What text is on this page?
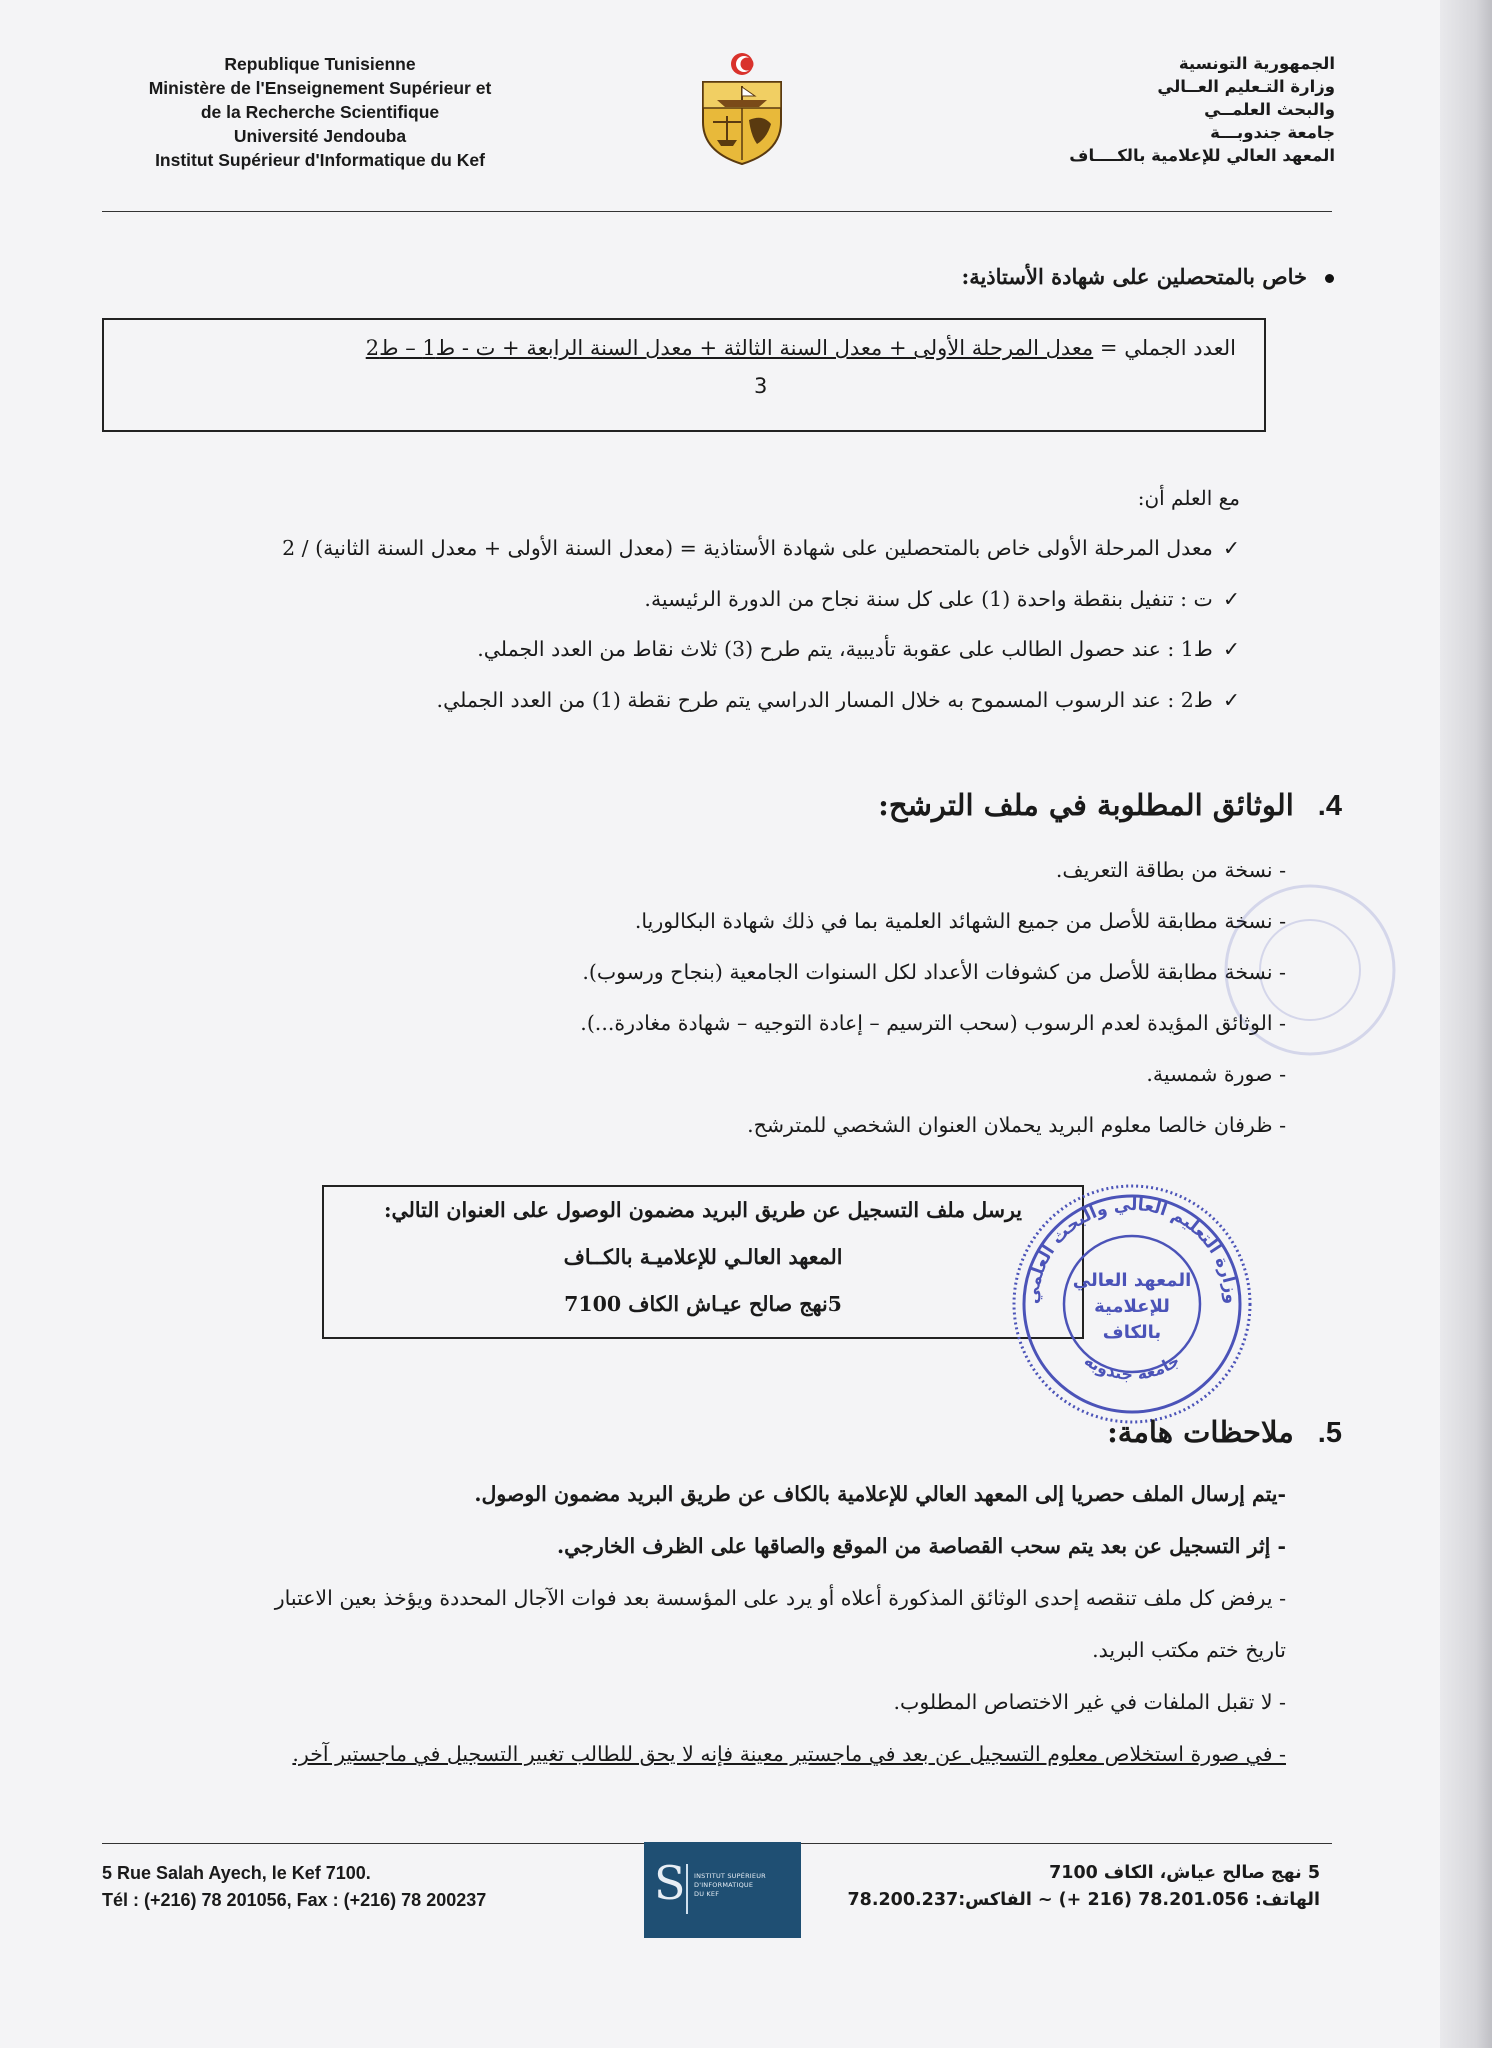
Republique Tunisienne
Ministère de l'Enseignement Supérieur et
de la Recherche Scientifique
Université Jendouba
Institut Supérieur d'Informatique du Kef
الجمهورية التونسية
وزارة التـعليم العــالي
والبحث العلمــي
جامعة جندوبـــة
المعهد العالي للإعلامية بالكــــاف
خاص بالمتحصلين على شهادة الأستاذية:
العدد الجملي = معدل المرحلة الأولى + معدل السنة الثالثة + معدل السنة الرابعة + ت - ط1 – ط2
3
مع العلم أن:
✓معدل المرحلة الأولى خاص بالمتحصلين على شهادة الأستاذية = (معدل السنة الأولى + معدل السنة الثانية) / 2
✓ت : تنفيل بنقطة واحدة (1) على كل سنة نجاح من الدورة الرئيسية.
✓ط1 : عند حصول الطالب على عقوبة تأديبية، يتم طرح (3) ثلاث نقاط من العدد الجملي.
✓ط2 : عند الرسوب المسموح به خلال المسار الدراسي يتم طرح نقطة (1) من العدد الجملي.
4.الوثائق المطلوبة في ملف الترشح:
- نسخة من بطاقة التعريف.
- نسخة مطابقة للأصل من جميع الشهائد العلمية بما في ذلك شهادة البكالوريا.
- نسخة مطابقة للأصل من كشوفات الأعداد لكل السنوات الجامعية (بنجاح ورسوب).
- الوثائق المؤيدة لعدم الرسوب (سحب الترسيم – إعادة التوجيه – شهادة مغادرة...).
- صورة شمسية.
- ظرفان خالصا معلوم البريد يحملان العنوان الشخصي للمترشح.
يرسل ملف التسجيل عن طريق البريد مضمون الوصول على العنوان التالي:
المعهد العالـي للإعلاميـة بالكــاف
5نهج صالح عيـاش الكاف 7100	وزارة التعليم العالي والبحث العلمي
جامعة جندوبة
المعهد العالي
للإعلامية
بالكاف
5.ملاحظات هامة:
-يتم إرسال الملف حصريا إلى المعهد العالي للإعلامية بالكاف عن طريق البريد مضمون الوصول.
- إثر التسجيل عن بعد يتم سحب القصاصة من الموقع والصاقها على الظرف الخارجي.
- يرفض كل ملف تنقصه إحدى الوثائق المذكورة أعلاه أو يرد على المؤسسة بعد فوات الآجال المحددة ويؤخذ بعين الاعتبار
تاريخ ختم مكتب البريد.
- لا تقبل الملفات في غير الاختصاص المطلوب.
- في صورة استخلاص معلوم التسجيل عن بعد في ماجستير معينة فإنه لا يحق للطالب تغيير التسجيل في ماجستير آخر.
5 Rue Salah Ayech, le Kef 7100.
Tél : (+216) 78 201056, Fax : (+216) 78 200237	S INSTITUT SUPÉRIEUR
D'INFORMATIQUE
DU KEF
5 نهج صالح عياش، الكاف 7100
الهاتف: 78.201.056 (216 +) ~ الفاكس:78.200.237
